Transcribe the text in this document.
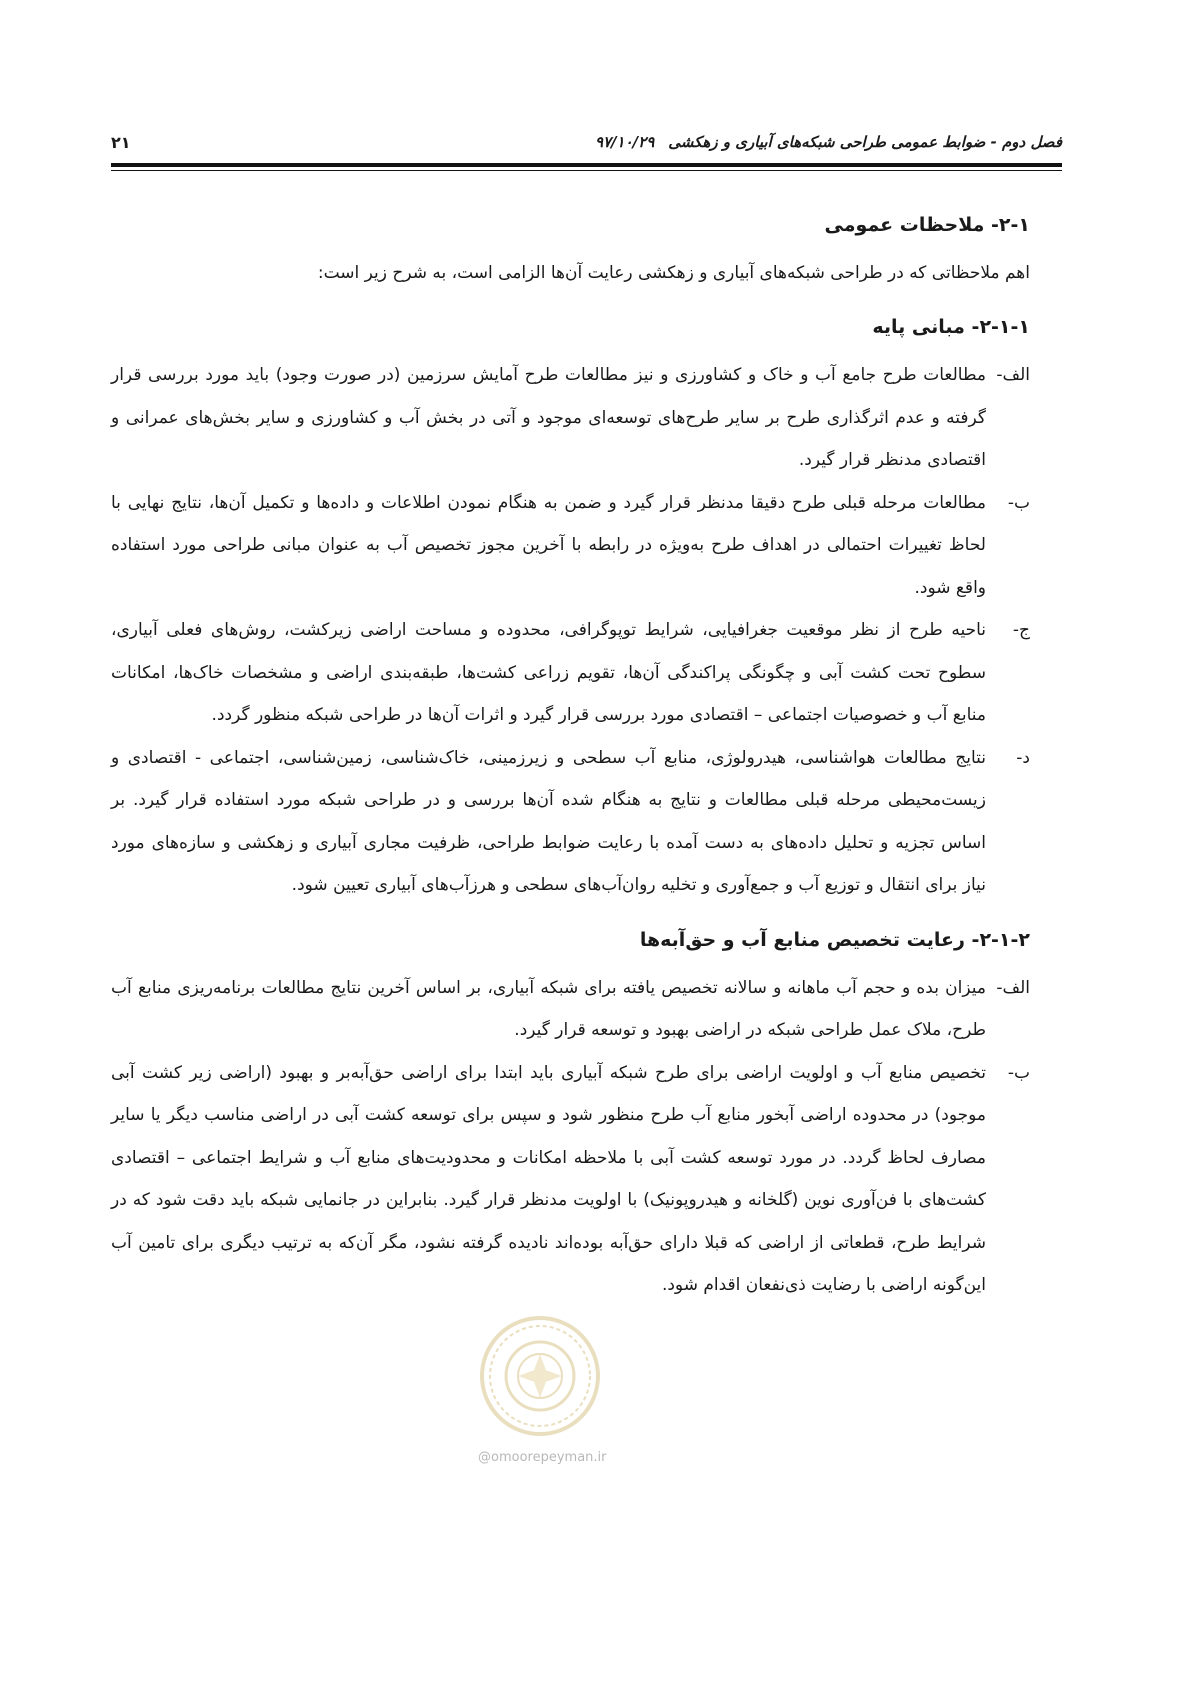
فصل دوم - ضوابط عمومی طراحی شبکه‌های آبیاری و زهکشی
۹۷/۱۰/۲۹
۲۱
۲-۱- ملاحظات عمومی

اهم ملاحظاتی که در طراحی شبکه‌های آبیاری و زهکشی رعایت آن‌ها الزامی است، به شرح زیر است:

۲-۱-۱- مبانی پایه
الف-
مطالعات طرح جامع آب و خاک و کشاورزی و نیز مطالعات طرح آمایش سرزمین (در صورت وجود) باید مورد بررسی قرار گرفته و عدم اثرگذاری طرح بر سایر طرح‌های توسعه‌ای موجود و آتی در بخش آب و کشاورزی و سایر بخش‌های عمرانی و اقتصادی مدنظر قرار گیرد.
ب-
مطالعات مرحله قبلی طرح دقیقا مدنظر قرار گیرد و ضمن به هنگام نمودن اطلاعات و داده‌ها و تکمیل آن‌ها، نتایج نهایی با لحاظ تغییرات احتمالی در اهداف طرح به‌ویژه در رابطه با آخرین مجوز تخصیص آب به عنوان مبانی طراحی مورد استفاده واقع شود.
ج-
ناحیه طرح از نظر موقعیت جغرافیایی، شرایط توپوگرافی، محدوده و مساحت اراضی زیرکشت، روش‌های فعلی آبیاری، سطوح تحت کشت آبی و چگونگی پراکندگی آن‌ها، تقویم زراعی کشت‌ها، طبقه‌بندی اراضی و مشخصات خاک‌ها، امکانات منابع آب و خصوصیات اجتماعی – اقتصادی مورد بررسی قرار گیرد و اثرات آن‌ها در طراحی شبکه منظور گردد.
د-
نتایج مطالعات هواشناسی، هیدرولوژی، منابع آب سطحی و زیرزمینی، خاک‌شناسی، زمین‌شناسی، اجتماعی - اقتصادی و زیست‌محیطی مرحله قبلی مطالعات و نتایج به هنگام شده آن‌ها بررسی و در طراحی شبکه مورد استفاده قرار گیرد. بر اساس تجزیه و تحلیل داده‌های به دست آمده با رعایت ضوابط طراحی، ظرفیت مجاری آبیاری و زهکشی و سازه‌های مورد نیاز برای انتقال و توزیع آب و جمع‌آوری و تخلیه روان‌آب‌های سطحی و هرزآب‌های آبیاری تعیین شود.
۲-۱-۲- رعایت تخصیص منابع آب و حق‌آبه‌ها
الف-
میزان بده و حجم آب ماهانه و سالانه تخصیص یافته برای شبکه آبیاری، بر اساس آخرین نتایج مطالعات برنامه‌ریزی منابع آب طرح، ملاک عمل طراحی شبکه در اراضی بهبود و توسعه قرار گیرد.
ب-
تخصیص منابع آب و اولویت اراضی برای طرح شبکه آبیاری باید ابتدا برای اراضی حق‌آبه‌بر و بهبود (اراضی زیر کشت آبی موجود) در محدوده اراضی آبخور منابع آب طرح منظور شود و سپس برای توسعه کشت آبی در اراضی مناسب دیگر یا سایر مصارف لحاظ گردد. در مورد توسعه کشت آبی با ملاحظه امکانات و محدودیت‌های منابع آب و شرایط اجتماعی – اقتصادی کشت‌های با فن‌آوری نوین (گلخانه و هیدروپونیک) با اولویت مدنظر قرار گیرد. بنابراین در جانمایی شبکه باید دقت شود که در شرایط طرح، قطعاتی از اراضی که قبلا دارای حق‌آبه بوده‌اند نادیده گرفته نشود، مگر آن‌که به ترتیب دیگری برای تامین آب این‌گونه اراضی با رضایت ذی‌نفعان اقدام شود.
@omoorepeyman.ir
